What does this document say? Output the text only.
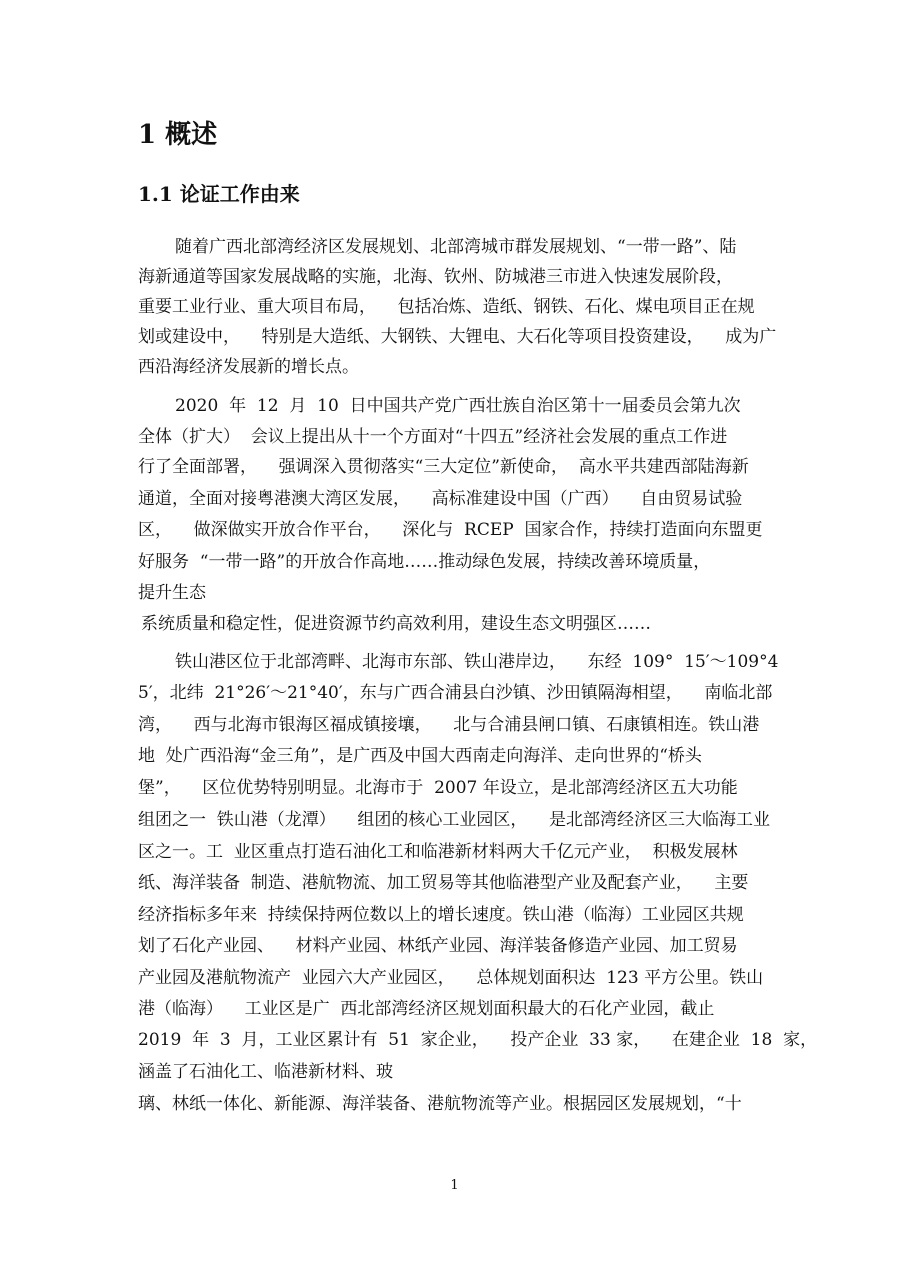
1 概述
1.1 论证工作由来

随着广西北部湾经济区发展规划、北部湾城市群发展规划、“一带一路”、陆

海新通道等国家发展战略的实施，北海、钦州、防城港三市进入快速发展阶段，

重要工业行业、重大项目布局，    包括冶炼、造纸、钢铁、石化、煤电项目正在规

划或建设中，    特别是大造纸、大钢铁、大锂电、大石化等项目投资建设，    成为广

西沿海经济发展新的增长点。

2020  年  12  月  10  日中国共产党广西壮族自治区第十一届委员会第九次

全体（扩大）  会议上提出从十一个方面对“十四五”经济社会发展的重点工作进

行了全面部署，    强调深入贯彻落实“三大定位”新使命，  高水平共建西部陆海新

通道，全面对接粤港澳大湾区发展，    高标准建设中国（广西）    自由贸易试验

区，    做深做实开放合作平台，    深化与  RCEP  国家合作，持续打造面向东盟更

好服务  “一带一路”的开放合作高地……推动绿色发展，持续改善环境质量，

提升生态

系统质量和稳定性，促进资源节约高效利用，建设生态文明强区……

铁山港区位于北部湾畔、北海市东部、铁山港岸边，    东经  109°  15′～109°4

5′，北纬  21°26′～21°40′，东与广西合浦县白沙镇、沙田镇隔海相望，    南临北部

湾，    西与北海市银海区福成镇接壤，    北与合浦县闸口镇、石康镇相连。铁山港

地  处广西沿海“金三角”，是广西及中国大西南走向海洋、走向世界的“桥头

堡”，    区位优势特别明显。北海市于  2007 年设立，是北部湾经济区五大功能

组团之一  铁山港（龙潭）    组团的核心工业园区，    是北部湾经济区三大临海工业

区之一。工  业区重点打造石油化工和临港新材料两大千亿元产业，  积极发展林

纸、海洋装备  制造、港航物流、加工贸易等其他临港型产业及配套产业，    主要

经济指标多年来  持续保持两位数以上的增长速度。铁山港（临海）工业园区共规

划了石化产业园、    材料产业园、林纸产业园、海洋装备修造产业园、加工贸易

产业园及港航物流产  业园六大产业园区，    总体规划面积达  123 平方公里。铁山

港（临海）    工业区是广  西北部湾经济区规划面积最大的石化产业园，截止

2019  年  3  月，工业区累计有  51  家企业，    投产企业  33 家，    在建企业  18  家，

涵盖了石油化工、临港新材料、玻

璃、林纸一体化、新能源、海洋装备、港航物流等产业。根据园区发展规划，“十

1
